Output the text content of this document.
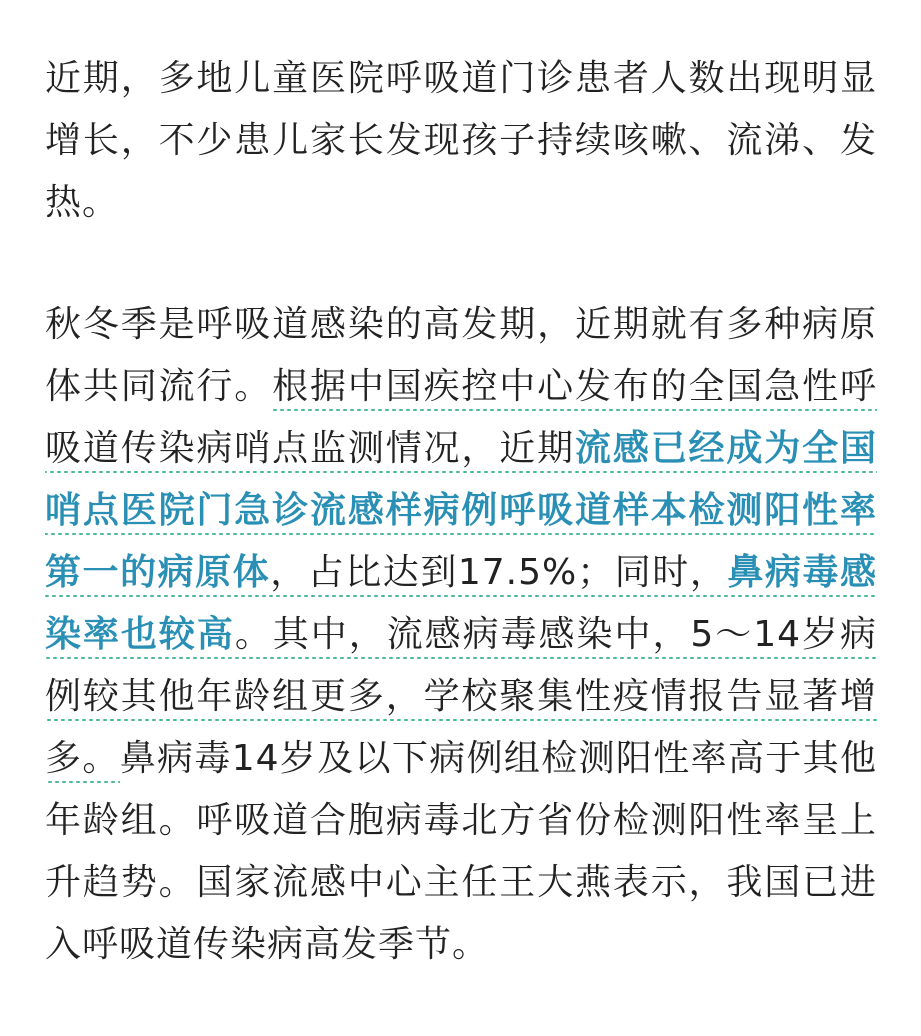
近期，多地儿童医院呼吸道门诊患者人数出现明显增长，不少患儿家长发现孩子持续咳嗽、流涕、发热。

秋冬季是呼吸道感染的高发期，近期就有多种病原体共同流行。根据中国疾控中心发布的全国急性呼吸道传染病哨点监测情况，近期流感已经成为全国哨点医院门急诊流感样病例呼吸道样本检测阳性率第一的病原体，占比达到17.5%；同时，鼻病毒感染率也较高。其中，流感病毒感染中，5～14岁病例较其他年龄组更多，学校聚集性疫情报告显著增多。鼻病毒14岁及以下病例组检测阳性率高于其他年龄组。呼吸道合胞病毒北方省份检测阳性率呈上升趋势。国家流感中心主任王大燕表示，我国已进入呼吸道传染病高发季节。
